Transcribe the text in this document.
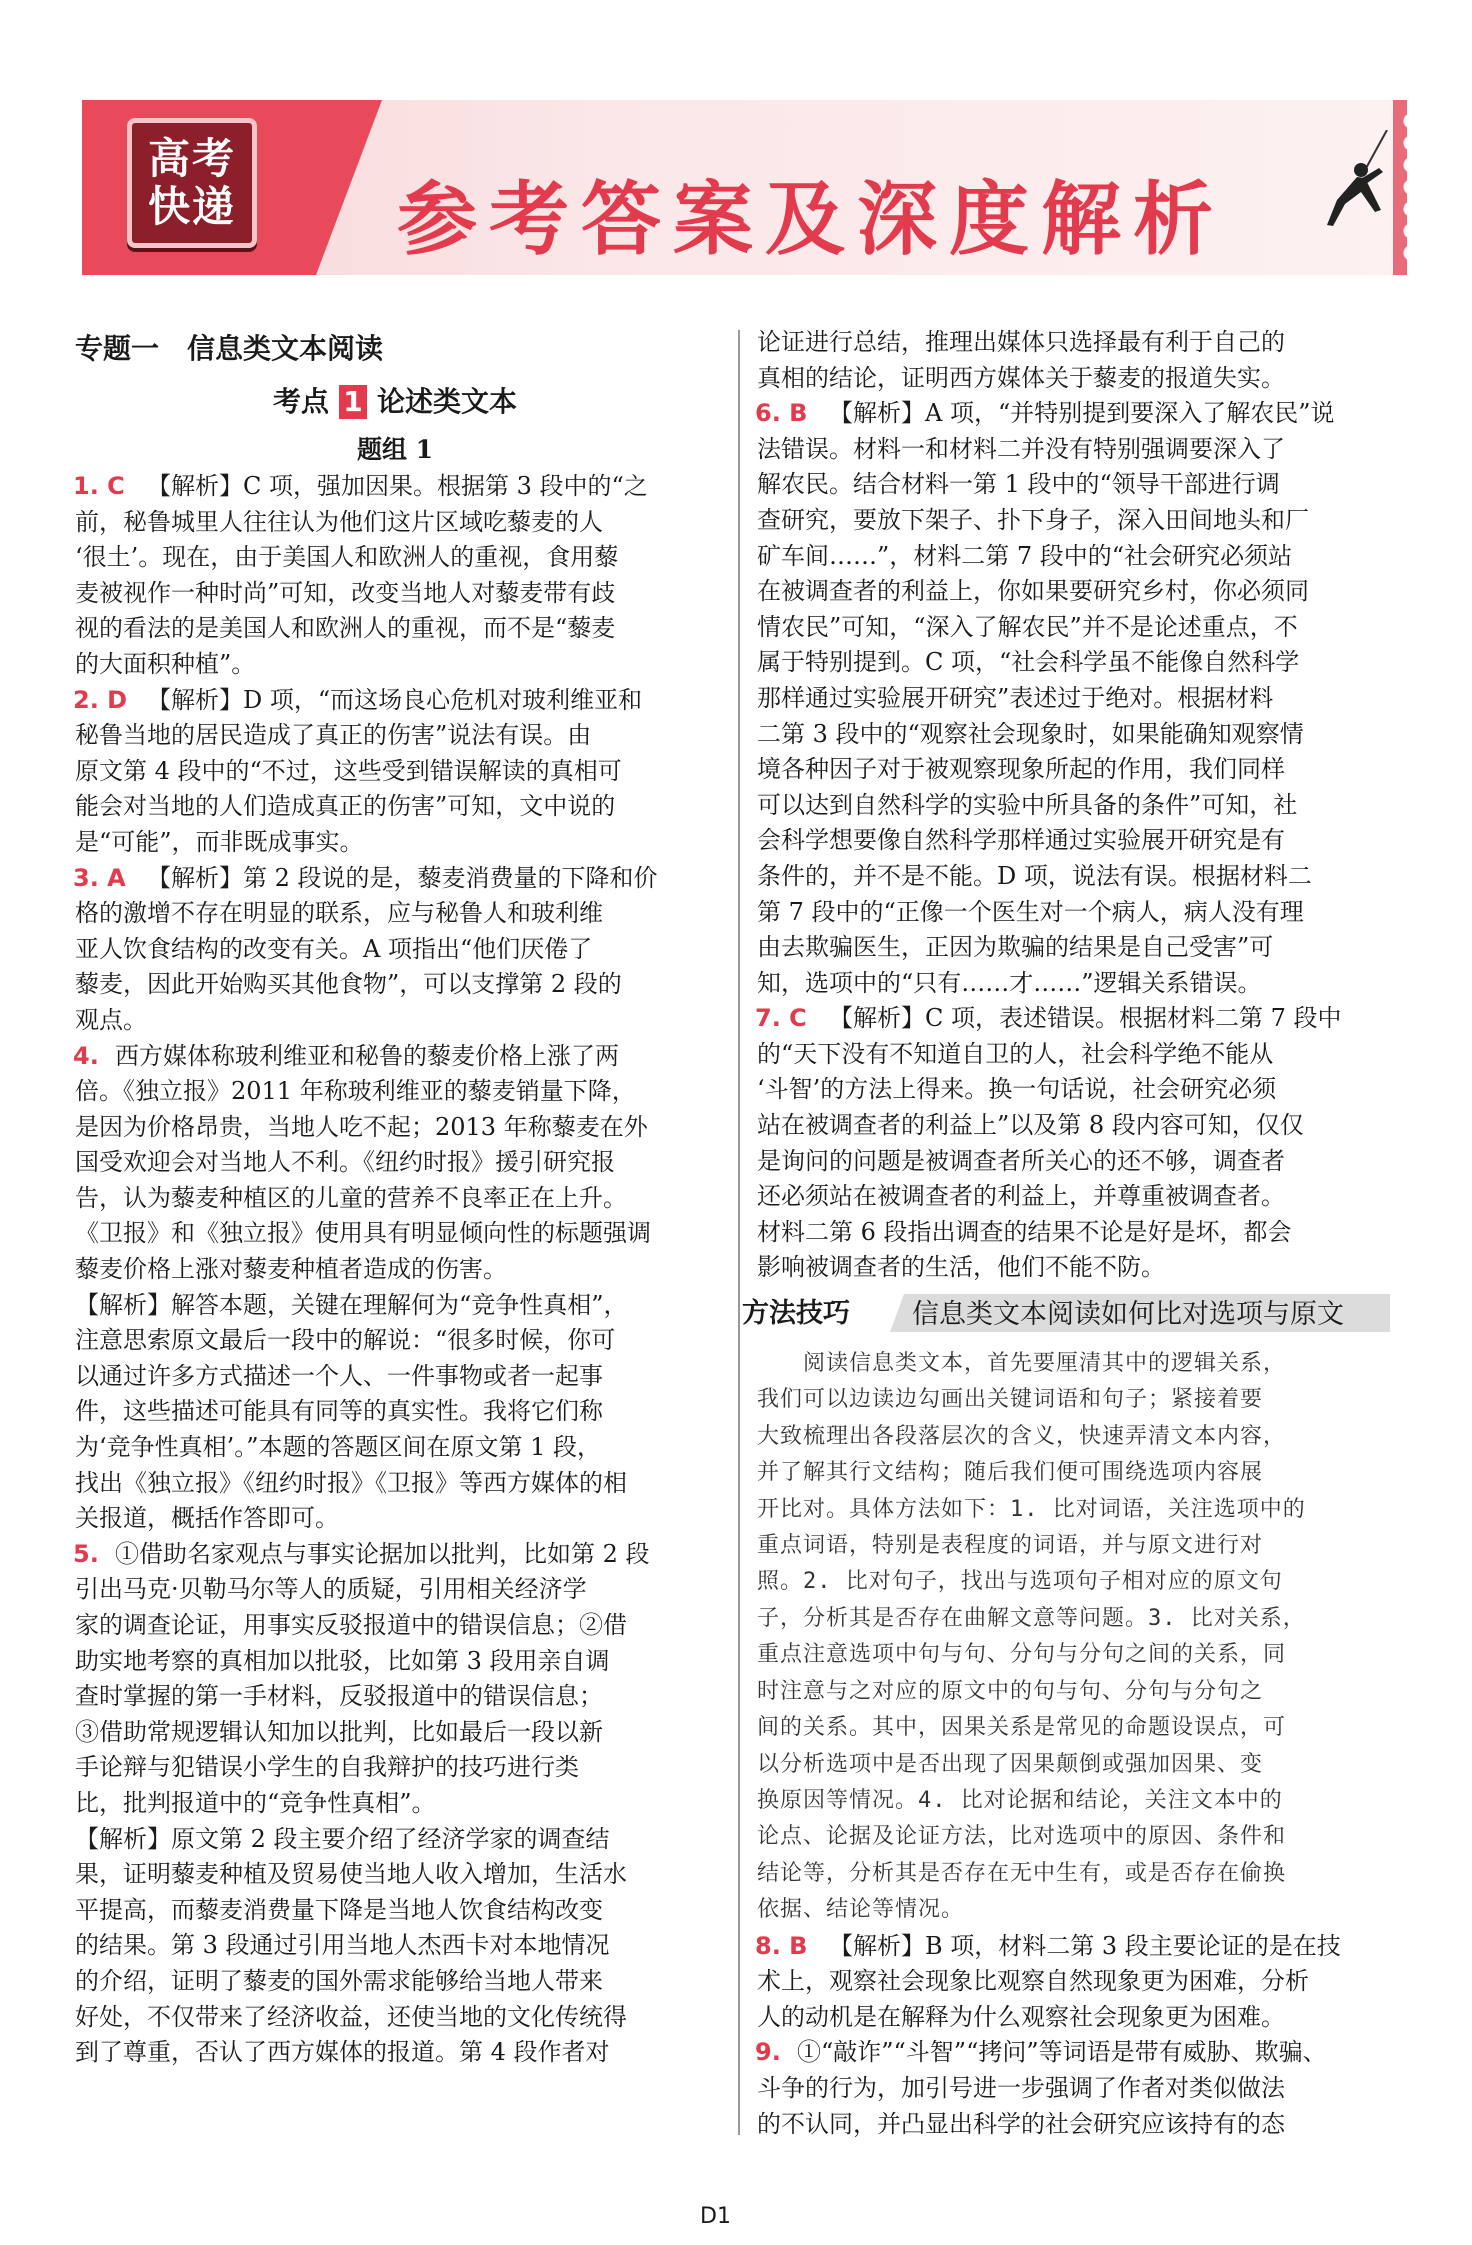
高考
快递 参考答案及深度解析
​
专题一　信息类文本阅读
考点 1 论述类文本
题组 1
1. C 【解析】C 项，强加因果。根据第 3 段中的“之
前，秘鲁城里人往往认为他们这片区域吃藜麦的人
‘很土’。现在，由于美国人和欧洲人的重视，食用藜
麦被视作一种时尚”可知，改变当地人对藜麦带有歧
视的看法的是美国人和欧洲人的重视，而不是“藜麦
的大面积种植”。
2. D 【解析】D 项，“而这场良心危机对玻利维亚和
秘鲁当地的居民造成了真正的伤害”说法有误。由
原文第 4 段中的“不过，这些受到错误解读的真相可
能会对当地的人们造成真正的伤害”可知，文中说的
是“可能”，而非既成事实。
3. A 【解析】第 2 段说的是，藜麦消费量的下降和价
格的激增不存在明显的联系，应与秘鲁人和玻利维
亚人饮食结构的改变有关。A 项指出“他们厌倦了
藜麦，因此开始购买其他食物”，可以支撑第 2 段的
观点。
4. 西方媒体称玻利维亚和秘鲁的藜麦价格上涨了两
倍。《独立报》2011 年称玻利维亚的藜麦销量下降，
是因为价格昂贵，当地人吃不起；2013 年称藜麦在外
国受欢迎会对当地人不利。《纽约时报》援引研究报
告，认为藜麦种植区的儿童的营养不良率正在上升。
《卫报》和《独立报》使用具有明显倾向性的标题强调
藜麦价格上涨对藜麦种植者造成的伤害。
【解析】解答本题，关键在理解何为“竞争性真相”，
注意思索原文最后一段中的解说：“很多时候，你可
以通过许多方式描述一个人、一件事物或者一起事
件，这些描述可能具有同等的真实性。我将它们称
为‘竞争性真相’。”本题的答题区间在原文第 1 段，
找出《独立报》《纽约时报》《卫报》等西方媒体的相
关报道，概括作答即可。
5. ①借助名家观点与事实论据加以批判，比如第 2 段
引出马克·贝勒马尔等人的质疑，引用相关经济学
家的调查论证，用事实反驳报道中的错误信息；②借
助实地考察的真相加以批驳，比如第 3 段用亲自调
查时掌握的第一手材料，反驳报道中的错误信息；
③借助常规逻辑认知加以批判，比如最后一段以新
手论辩与犯错误小学生的自我辩护的技巧进行类
比，批判报道中的“竞争性真相”。
【解析】原文第 2 段主要介绍了经济学家的调查结
果，证明藜麦种植及贸易使当地人收入增加，生活水
平提高，而藜麦消费量下降是当地人饮食结构改变
的结果。第 3 段通过引用当地人杰西卡对本地情况
的介绍，证明了藜麦的国外需求能够给当地人带来
好处，不仅带来了经济收益，还使当地的文化传统得
到了尊重，否认了西方媒体的报道。第 4 段作者对
论证进行总结，推理出媒体只选择最有利于自己的
真相的结论，证明西方媒体关于藜麦的报道失实。
6. B 【解析】A 项，“并特别提到要深入了解农民”说
法错误。材料一和材料二并没有特别强调要深入了
解农民。结合材料一第 1 段中的“领导干部进行调
查研究，要放下架子、扑下身子，深入田间地头和厂
矿车间……”，材料二第 7 段中的“社会研究必须站
在被调查者的利益上，你如果要研究乡村，你必须同
情农民”可知，“深入了解农民”并不是论述重点，不
属于特别提到。C 项，“社会科学虽不能像自然科学
那样通过实验展开研究”表述过于绝对。根据材料
二第 3 段中的“观察社会现象时，如果能确知观察情
境各种因子对于被观察现象所起的作用，我们同样
可以达到自然科学的实验中所具备的条件”可知，社
会科学想要像自然科学那样通过实验展开研究是有
条件的，并不是不能。D 项，说法有误。根据材料二
第 7 段中的“正像一个医生对一个病人，病人没有理
由去欺骗医生，正因为欺骗的结果是自己受害”可
知，选项中的“只有……才……”逻辑关系错误。
7. C 【解析】C 项，表述错误。根据材料二第 7 段中
的“天下没有不知道自卫的人，社会科学绝不能从
‘斗智’的方法上得来。换一句话说，社会研究必须
站在被调查者的利益上”以及第 8 段内容可知，仅仅
是询问的问题是被调查者所关心的还不够，调查者
还必须站在被调查者的利益上，并尊重被调查者。
材料二第 6 段指出调查的结果不论是好是坏，都会
影响被调查者的生活，他们不能不防。
方法技巧 信息类文本阅读如何比对选项与原文
　　阅读信息类文本，首先要厘清其中的逻辑关系，
我们可以边读边勾画出关键词语和句子；紧接着要
大致梳理出各段落层次的含义，快速弄清文本内容，
并了解其行文结构；随后我们便可围绕选项内容展
开比对。具体方法如下：1. 比对词语，关注选项中的
重点词语，特别是表程度的词语，并与原文进行对
照。2. 比对句子，找出与选项句子相对应的原文句
子，分析其是否存在曲解文意等问题。3. 比对关系，
重点注意选项中句与句、分句与分句之间的关系，同
时注意与之对应的原文中的句与句、分句与分句之
间的关系。其中，因果关系是常见的命题设误点，可
以分析选项中是否出现了因果颠倒或强加因果、变
换原因等情况。4. 比对论据和结论，关注文本中的
论点、论据及论证方法，比对选项中的原因、条件和
结论等，分析其是否存在无中生有，或是否存在偷换
依据、结论等情况。
8. B 【解析】B 项，材料二第 3 段主要论证的是在技
术上，观察社会现象比观察自然现象更为困难，分析
人的动机是在解释为什么观察社会现象更为困难。
9. ①“敲诈”“斗智”“拷问”等词语是带有威胁、欺骗、
斗争的行为，加引号进一步强调了作者对类似做法
的不认同，并凸显出科学的社会研究应该持有的态
D1
